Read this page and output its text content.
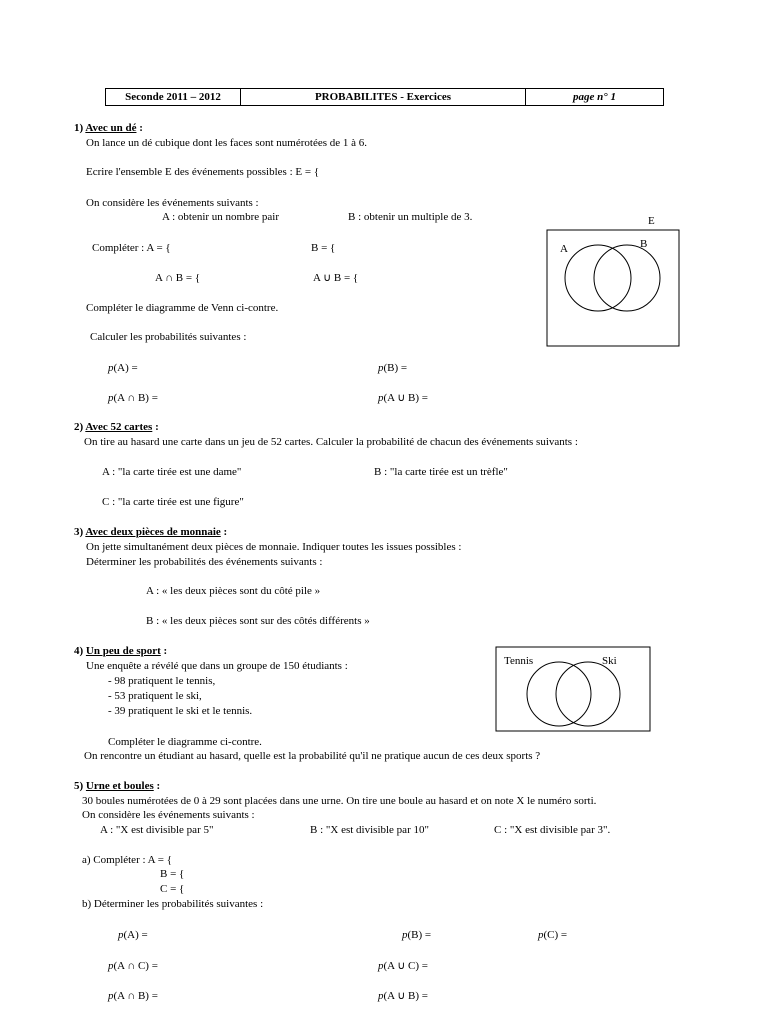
Seconde 2011 – 2012	PROBABILITES - Exercices	page n° 1
1) Avec un dé :
On lance un dé cubique dont les faces sont numérotées de 1 à 6.
Ecrire l'ensemble E des événements possibles : E = {
On considère les événements suivants :
A : obtenir un nombre pair	B : obtenir un multiple de 3.
Compléter : A = {	B = {
A ∩ B = {	A ∪ B = {
Compléter le diagramme de Venn ci-contre.
Calculer les probabilités suivantes :
p(A) =	p(B) =
p(A ∩ B) =	p(A ∪ B) =
E
A	B
2) Avec 52 cartes :
On tire au hasard une carte dans un jeu de 52 cartes. Calculer la probabilité de chacun des événements suivants :
A : "la carte tirée est une dame"	B : "la carte tirée est un trèfle"
C : "la carte tirée est une figure"
3) Avec deux pièces de monnaie :
On jette simultanément deux pièces de monnaie. Indiquer toutes les issues possibles :
Déterminer les probabilités des événements suivants :
A : « les deux pièces sont du côté pile »
B : « les deux pièces sont sur des côtés différents »
4) Un peu de sport :
Une enquête a révélé que dans un groupe de 150 étudiants :
- 98 pratiquent le tennis,
- 53 pratiquent le ski,
- 39 pratiquent le ski et le tennis.
Compléter le diagramme ci-contre.
On rencontre un étudiant au hasard, quelle est la probabilité qu'il ne pratique aucun de ces deux sports ?
Tennis	Ski
5) Urne et boules :
30 boules numérotées de 0 à 29 sont placées dans une urne. On tire une boule au hasard et on note X le numéro sorti.
On considère les événements suivants :
A : "X est divisible par 5"	B : "X est divisible par 10"	C : "X est divisible par 3".
a) Compléter : A = {
B = {
C = {
b) Déterminer les probabilités suivantes :
p(A) =	p(B) =	p(C) =
p(A ∩ C) =	p(A ∪ C) =
p(A ∩ B) =	p(A ∪ B) =
